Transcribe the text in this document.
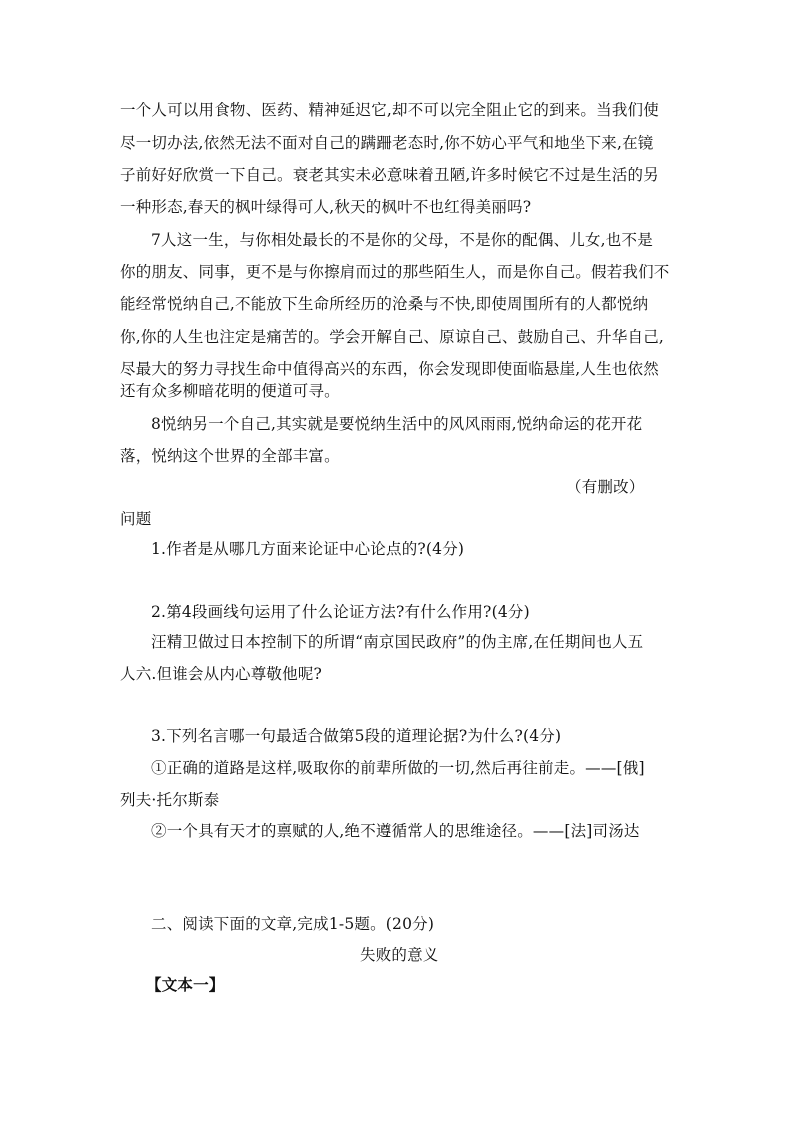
一个人可以用食物、医药、精神延迟它,却不可以完全阻止它的到来。当我们使
尽一切办法,依然无法不面对自己的蹒跚老态时,你不妨心平气和地坐下来,在镜
子前好好欣赏一下自己。衰老其实未必意味着丑陋,许多时候它不过是生活的另
一种形态,春天的枫叶绿得可人,秋天的枫叶不也红得美丽吗?
7人这一生，与你相处最长的不是你的父母，不是你的配偶、儿女,也不是
你的朋友、同事，更不是与你擦肩而过的那些陌生人，而是你自己。假若我们不
能经常悦纳自己,不能放下生命所经历的沧桑与不快,即使周围所有的人都悦纳
你,你的人生也注定是痛苦的。学会开解自己、原谅自己、鼓励自己、升华自己,
尽最大的努力寻找生命中值得高兴的东西，你会发现即使面临悬崖,人生也依然
还有众多柳暗花明的便道可寻。
8悦纳另一个自己,其实就是要悦纳生活中的风风雨雨,悦纳命运的花开花
落，悦纳这个世界的全部丰富。
（有删改）
问题
1.作者是从哪几方面来论证中心论点的?(4分)
2.第4段画线句运用了什么论证方法?有什么作用?(4分)
汪精卫做过日本控制下的所谓“南京国民政府”的伪主席,在任期间也人五
人六.但谁会从内心尊敬他呢?
3.下列名言哪一句最适合做第5段的道理论据?为什么?(4分)
①正确的道路是这样,吸取你的前辈所做的一切,然后再往前走。——[俄]
列夫·托尔斯泰
②一个具有天才的禀赋的人,绝不遵循常人的思维途径。——[法]司汤达
二、阅读下面的文章,完成1-5题。(20分)
失败的意义
【文本一】
